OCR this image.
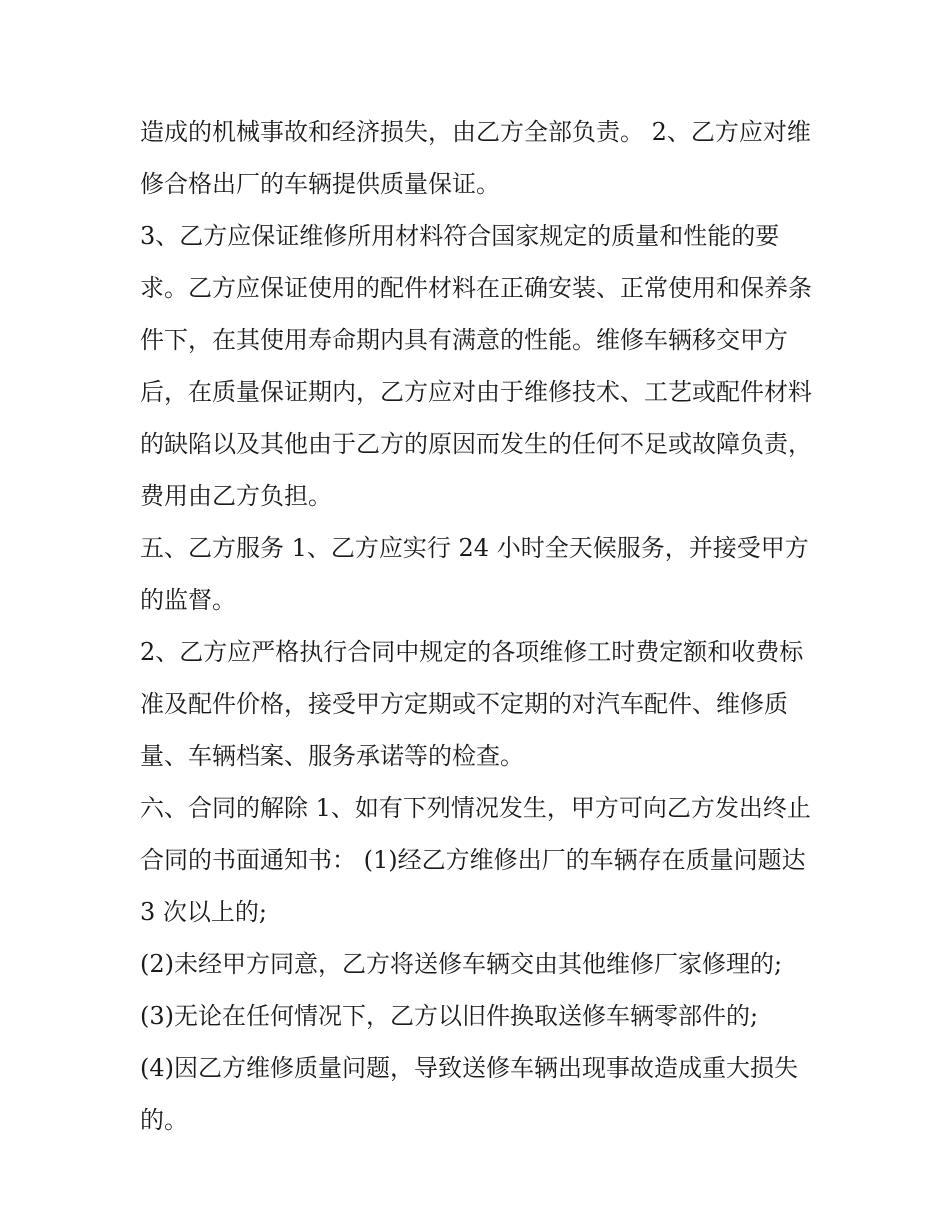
造成的机械事故和经济损失，由乙方全部负责。 2、乙方应对维修合格出厂的车辆提供质量保证。

3、乙方应保证维修所用材料符合国家规定的质量和性能的要求。乙方应保证使用的配件材料在正确安装、正常使用和保养条件下，在其使用寿命期内具有满意的性能。维修车辆移交甲方后，在质量保证期内，乙方应对由于维修技术、工艺或配件材料的缺陷以及其他由于乙方的原因而发生的任何不足或故障负责，费用由乙方负担。

五、乙方服务 1、乙方应实行 24 小时全天候服务，并接受甲方的监督。

2、乙方应严格执行合同中规定的各项维修工时费定额和收费标准及配件价格，接受甲方定期或不定期的对汽车配件、维修质量、车辆档案、服务承诺等的检查。

六、合同的解除 1、如有下列情况发生，甲方可向乙方发出终止合同的书面通知书： (1)经乙方维修出厂的车辆存在质量问题达 3 次以上的;

(2)未经甲方同意，乙方将送修车辆交由其他维修厂家修理的;

(3)无论在任何情况下，乙方以旧件换取送修车辆零部件的;

(4)因乙方维修质量问题，导致送修车辆出现事故造成重大损失的。
